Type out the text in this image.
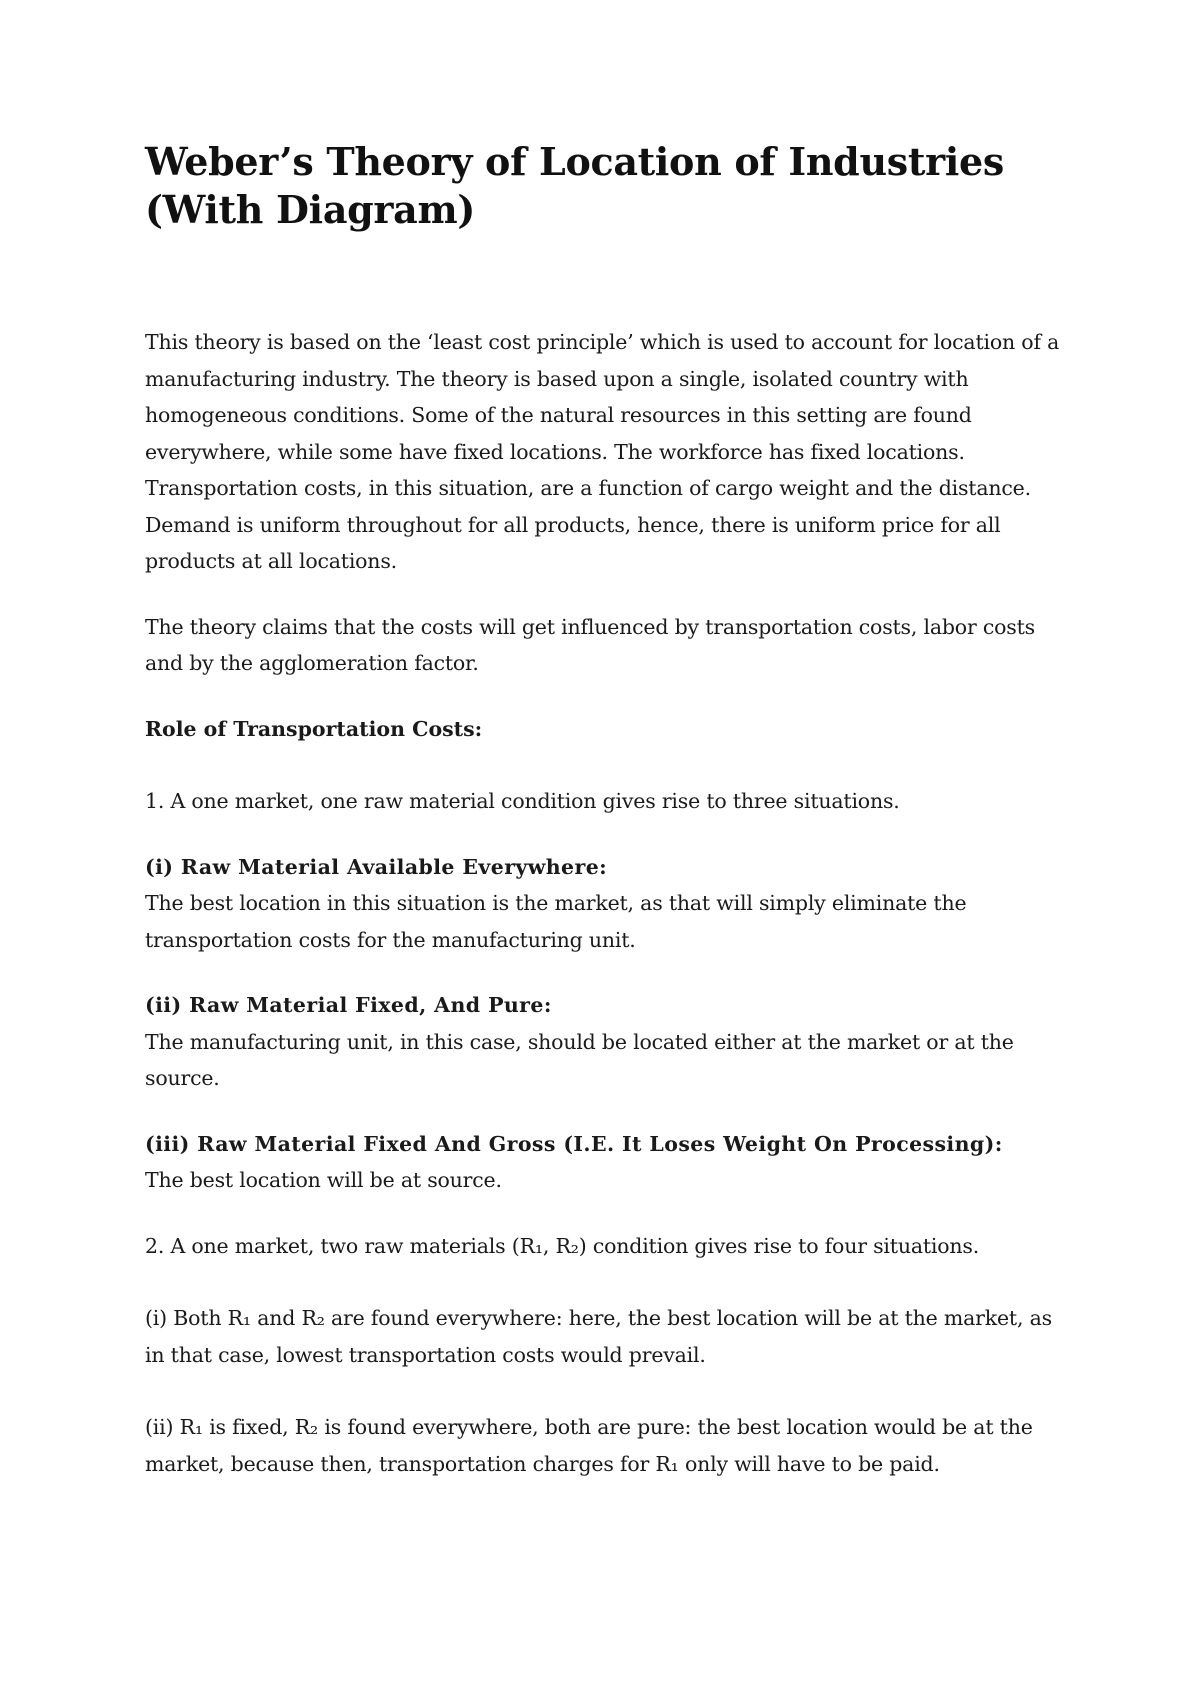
Weber’s Theory of Location of Industries (With Diagram)

This theory is based on the ‘least cost principle’ which is used to account for location of a manufacturing industry. The theory is based upon a single, isolated country with homogeneous conditions. Some of the natural resources in this setting are found everywhere, while some have fixed locations. The workforce has fixed locations. Transportation costs, in this situation, are a function of cargo weight and the distance. Demand is uniform throughout for all products, hence, there is uniform price for all products at all locations.

The theory claims that the costs will get influenced by transportation costs, labor costs and by the agglomeration factor.

Role of Transportation Costs:

1. A one market, one raw material condition gives rise to three situations.

(i) Raw Material Available Everywhere:
The best location in this situation is the market, as that will simply eliminate the transportation costs for the manufacturing unit.
(ii) Raw Material Fixed, And Pure:
The manufacturing unit, in this case, should be located either at the market or at the source.
(iii) Raw Material Fixed And Gross (I.E. It Loses Weight On Processing):
The best location will be at source.

2. A one market, two raw materials (R₁, R₂) condition gives rise to four situations.

(i) Both R₁ and R₂ are found everywhere: here, the best location will be at the market, as in that case, lowest transportation costs would prevail.

(ii) R₁ is fixed, R₂ is found everywhere, both are pure: the best location would be at the market, because then, transportation charges for R₁ only will have to be paid.
